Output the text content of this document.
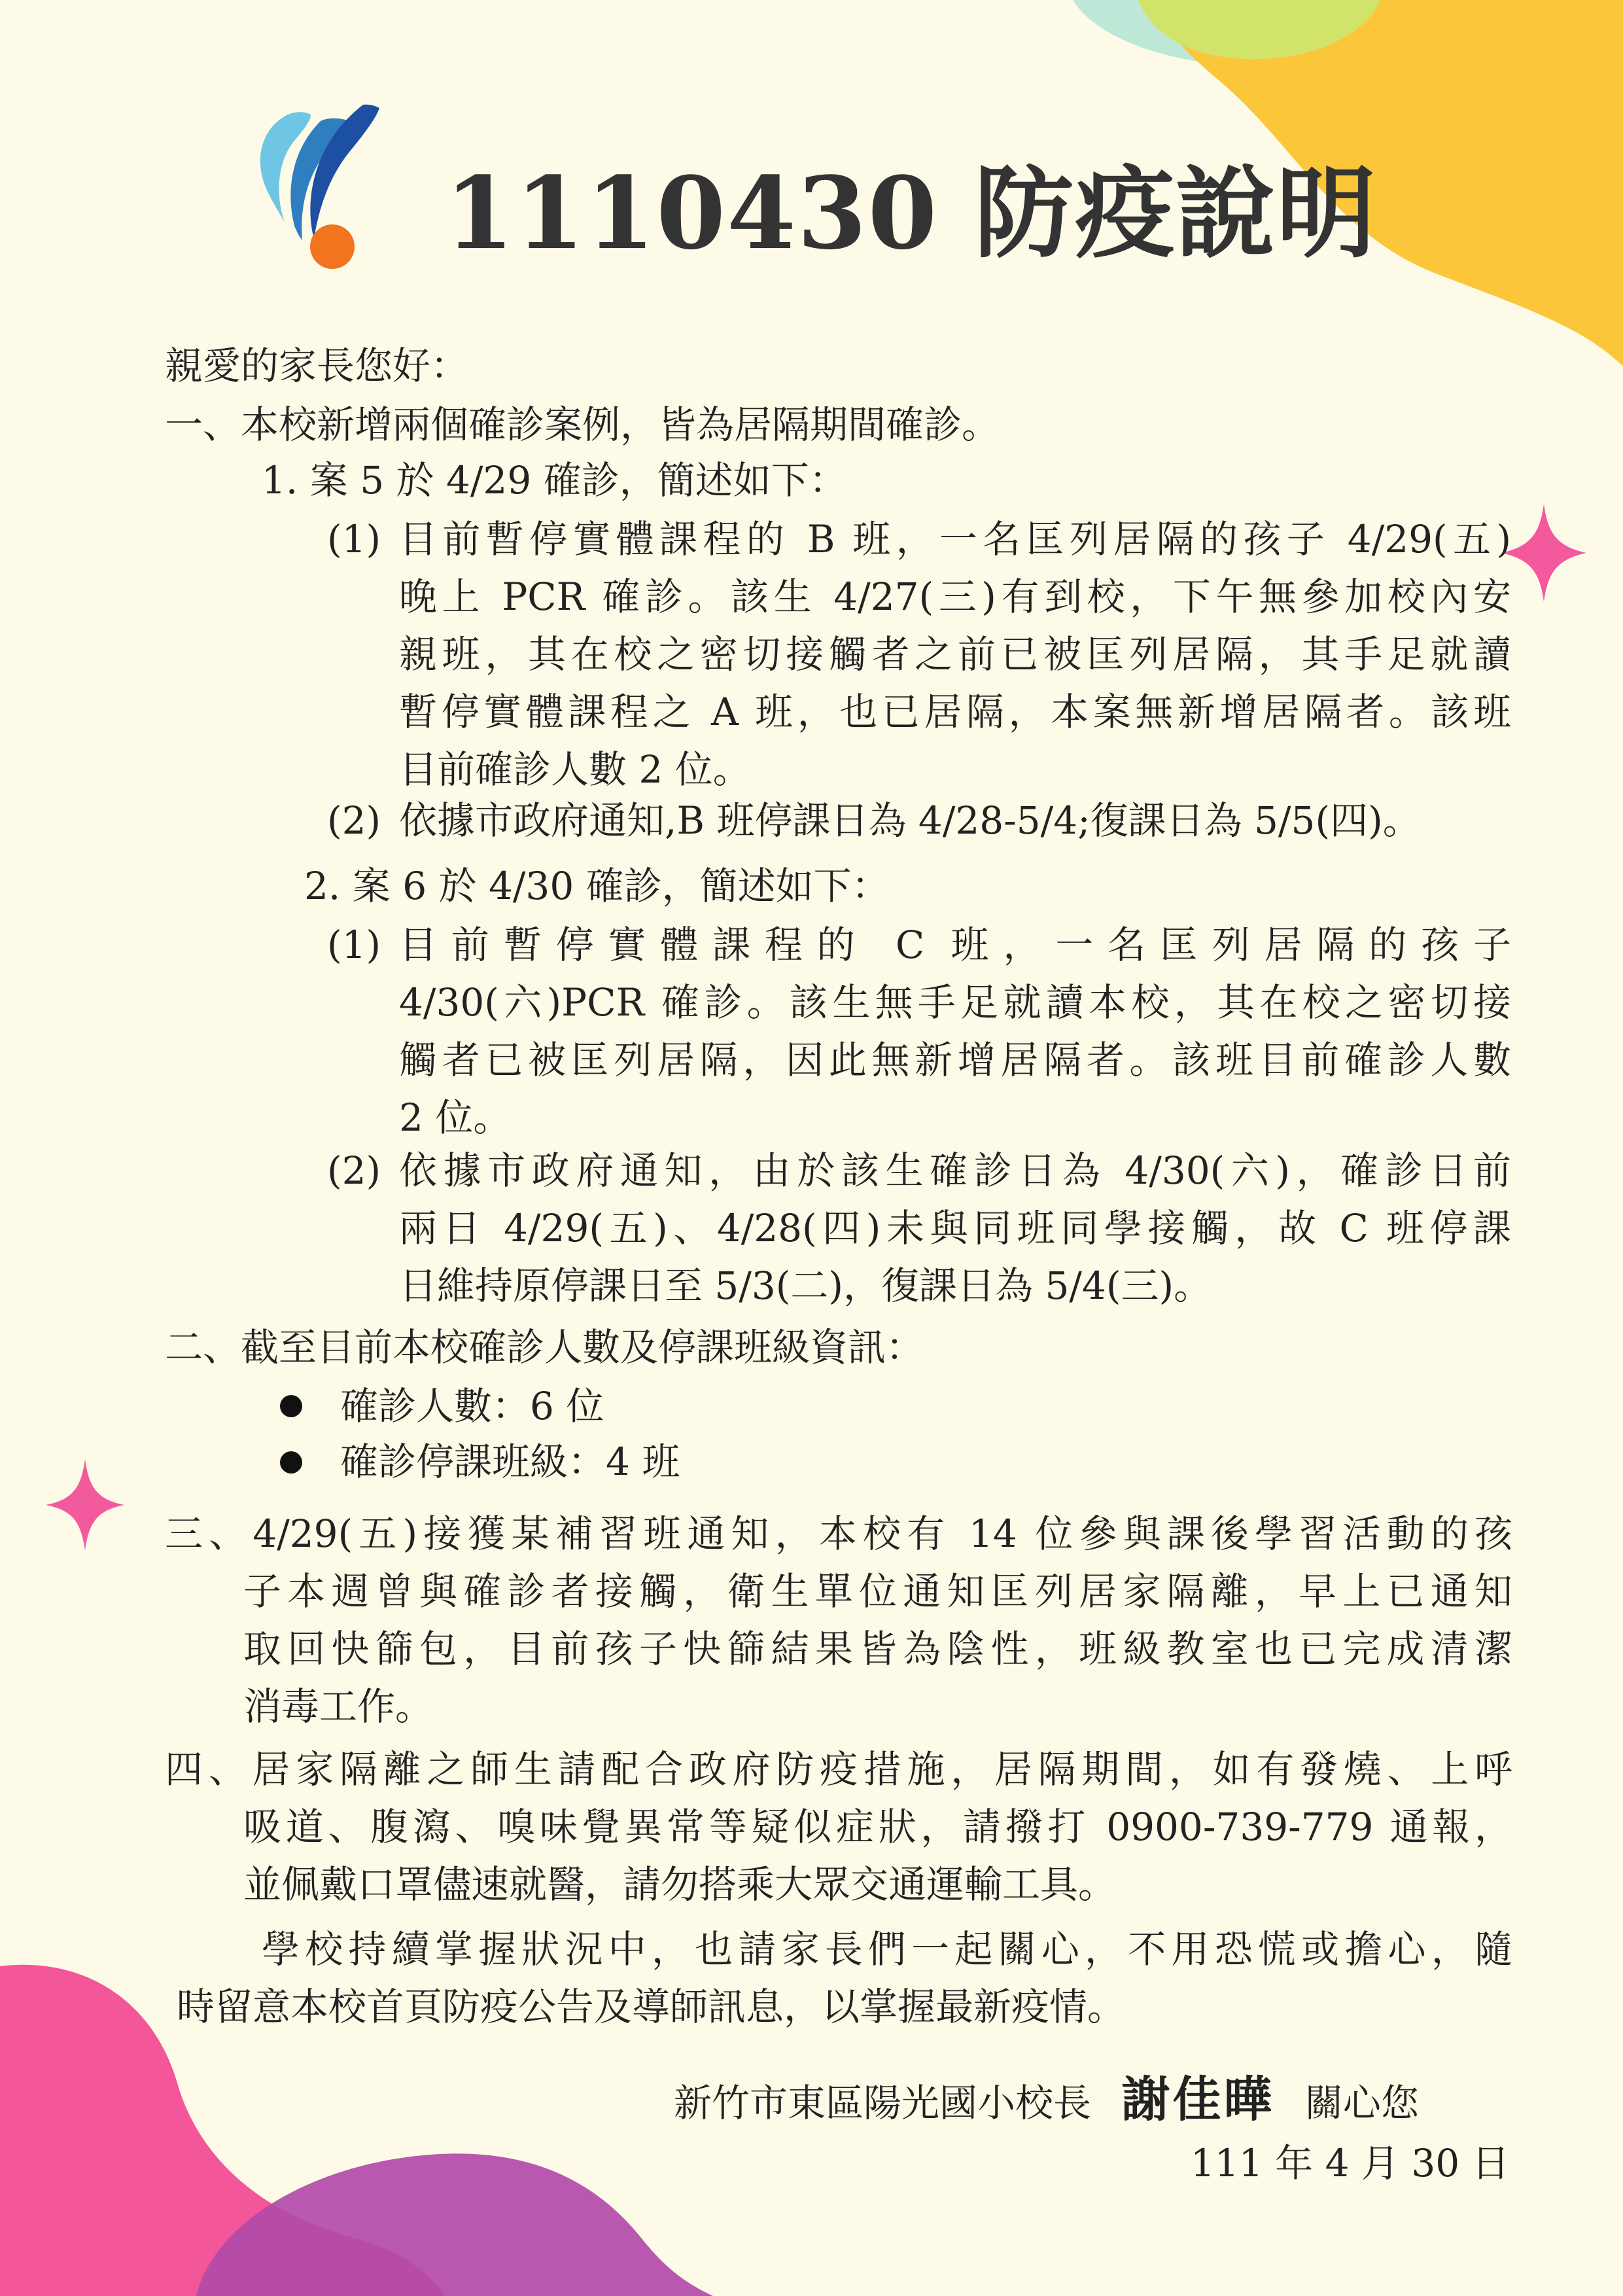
1110430 防疫說明
親愛的家長您好：
一、本校新增兩個確診案例，皆為居隔期間確診。
1. 案 5 於 4/29 確診，簡述如下：
(1) 目前暫停實體課程的 B 班，一名匡列居隔的孩子 4/29(五)
晚上 PCR 確診。該生 4/27(三)有到校，下午無參加校內安
親班，其在校之密切接觸者之前已被匡列居隔，其手足就讀
暫停實體課程之 A 班，也已居隔，本案無新增居隔者。該班
目前確診人數 2 位。
(2) 依據市政府通知,B 班停課日為 4/28-5/4;復課日為 5/5(四)。
2. 案 6 於 4/30 確診，簡述如下：
(1) 目前暫停實體課程的 C 班，一名匡列居隔的孩子
4/30(六)PCR 確診。該生無手足就讀本校，其在校之密切接
觸者已被匡列居隔，因此無新增居隔者。該班目前確診人數
2 位。
(2) 依據市政府通知，由於該生確診日為 4/30(六)，確診日前
兩日 4/29(五)、4/28(四)未與同班同學接觸，故 C 班停課
日維持原停課日至 5/3(二)，復課日為 5/4(三)。
二、截至目前本校確診人數及停課班級資訊：
確診人數：6 位
確診停課班級：4 班
三、4/29(五)接獲某補習班通知，本校有 14 位參與課後學習活動的孩
子本週曾與確診者接觸，衛生單位通知匡列居家隔離，早上已通知
取回快篩包，目前孩子快篩結果皆為陰性，班級教室也已完成清潔
消毒工作。
四、居家隔離之師生請配合政府防疫措施，居隔期間，如有發燒、上呼
吸道、腹瀉、嗅味覺異常等疑似症狀，請撥打 0900-739-779 通報，
並佩戴口罩儘速就醫，請勿搭乘大眾交通運輸工具。
學校持續掌握狀況中，也請家長們一起關心，不用恐慌或擔心，隨
時留意本校首頁防疫公告及導師訊息，以掌握最新疫情。
新竹市東區陽光國小校長 謝佳曄 關心您
111 年 4 月 30 日
